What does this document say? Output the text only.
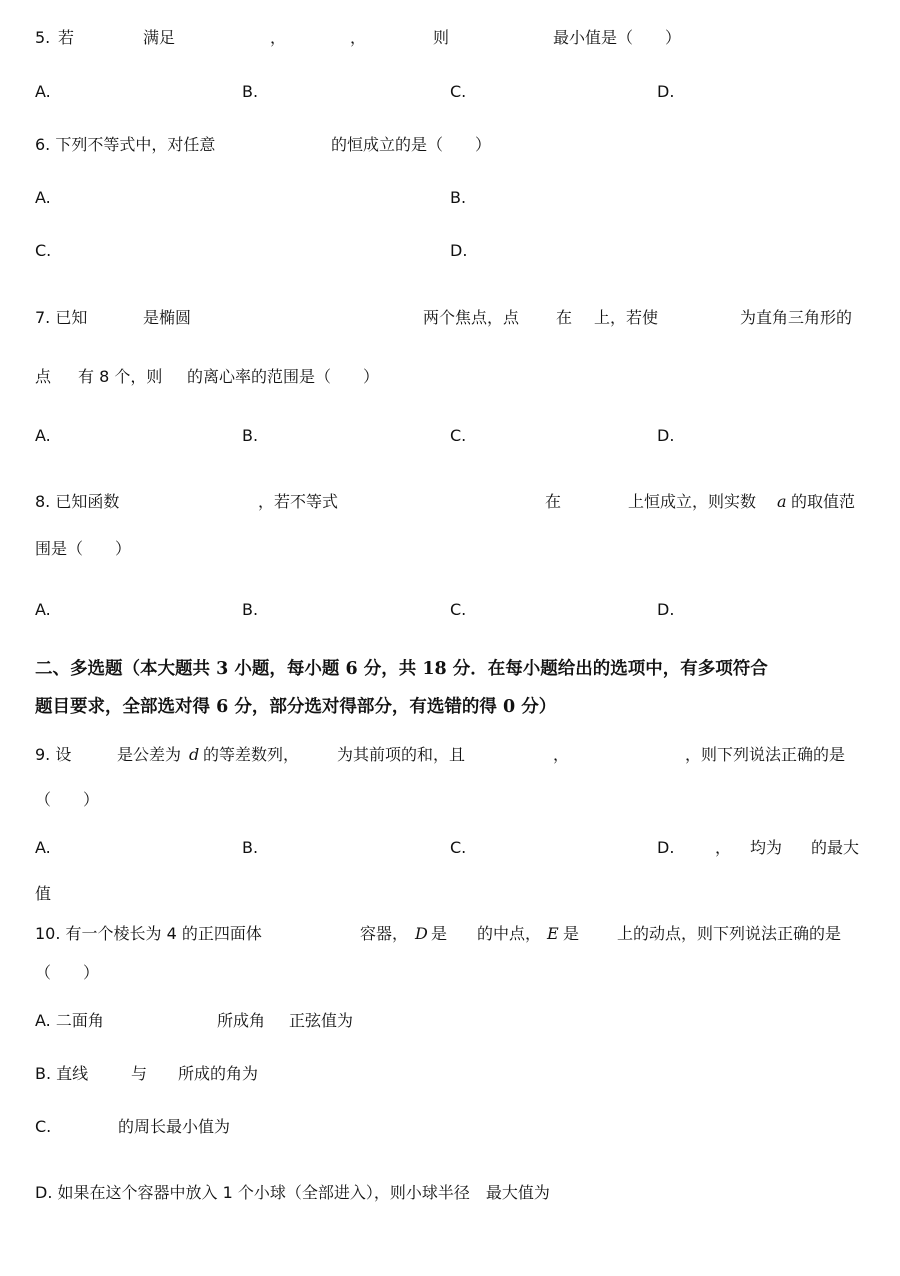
5. 若	满足	，	，	则	最小值是（　　）
A.	B.	C.	D.
6. 下列不等式中，对任意	的恒成立的是（　　）
A.	B.
C.	D.
7. 已知	是椭圆	两个焦点，点 在 上，若使	为直角三角形的
点 有 8 个，则 的离心率的范围是（　　）
A.	B.	C.	D.
8. 已知函数	，若不等式	在	上恒成立，则实数 a 的取值范
围是（　　）
A.	B.	C.	D.
二、多选题（本大题共 3 小题，每小题 6 分，共 18 分．在每小题给出的选项中，有多项符合
题目要求，全部选对得 6 分，部分选对得部分，有选错的得 0 分）
9. 设	是公差为 d 的等差数列， 为其前项的和，且	，	，则下列说法正确的是
（　　）
A.	B.	C.	D.	， 均为 的最大
值
10. 有一个棱长为 4 的正四面体	容器， D 是 的中点， E 是 上的动点，则下列说法正确的是
（　　）
A. 二面角	所成角 正弦值为
B. 直线	与 所成的角为
C.	的周长最小值为
D. 如果在这个容器中放入 1 个小球（全部进入），则小球半径　最大值为
